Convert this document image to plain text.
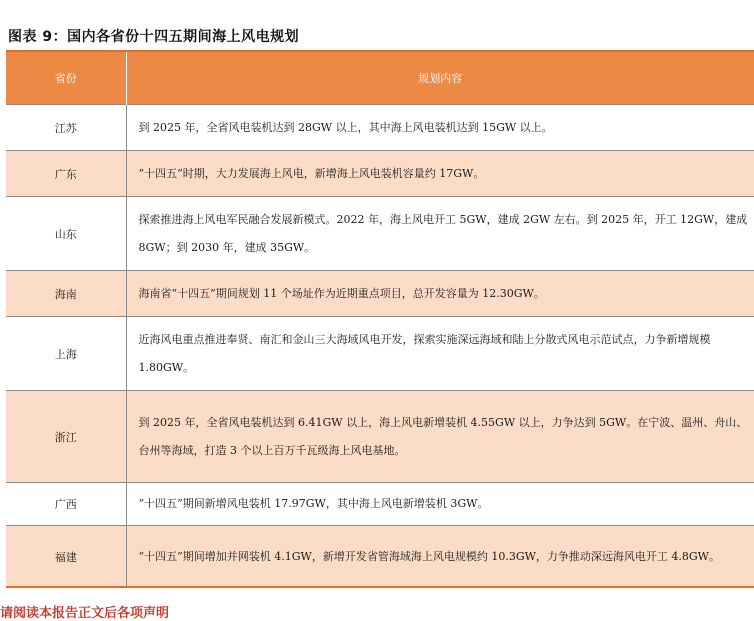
图表 9：国内各省份十四五期间海上风电规划
省份	规划内容
江苏	到 2025 年，全省风电装机达到 28GW 以上，其中海上风电装机达到 15GW 以上。
广东	“十四五“时期，大力发展海上风电，新增海上风电装机容量约 17GW。
山东	探索推进海上风电军民融合发展新模式。2022 年，海上风电开工 5GW，建成 2GW 左右。到 2025 年，开工 12GW，建成 8GW；到 2030 年，建成 35GW。
海南	海南省“十四五”期间规划 11 个场址作为近期重点项目，总开发容量为 12.30GW。
上海	近海风电重点推进奉贤、南汇和金山三大海域风电开发，探索实施深远海域和陆上分散式风电示范试点，力争新增规模 1.80GW。
浙江	到 2025 年，全省风电装机达到 6.41GW 以上，海上风电新增装机 4.55GW 以上，力争达到 5GW。在宁波、温州、舟山、台州等海域，打造 3 个以上百万千瓦级海上风电基地。
广西	“十四五”期间新增风电装机 17.97GW，其中海上风电新增装机 3GW。
福建	“十四五”期间增加并网装机 4.1GW，新增开发省管海域海上风电规模约 10.3GW，力争推动深远海风电开工 4.8GW。
请阅读本报告正文后各项声明
